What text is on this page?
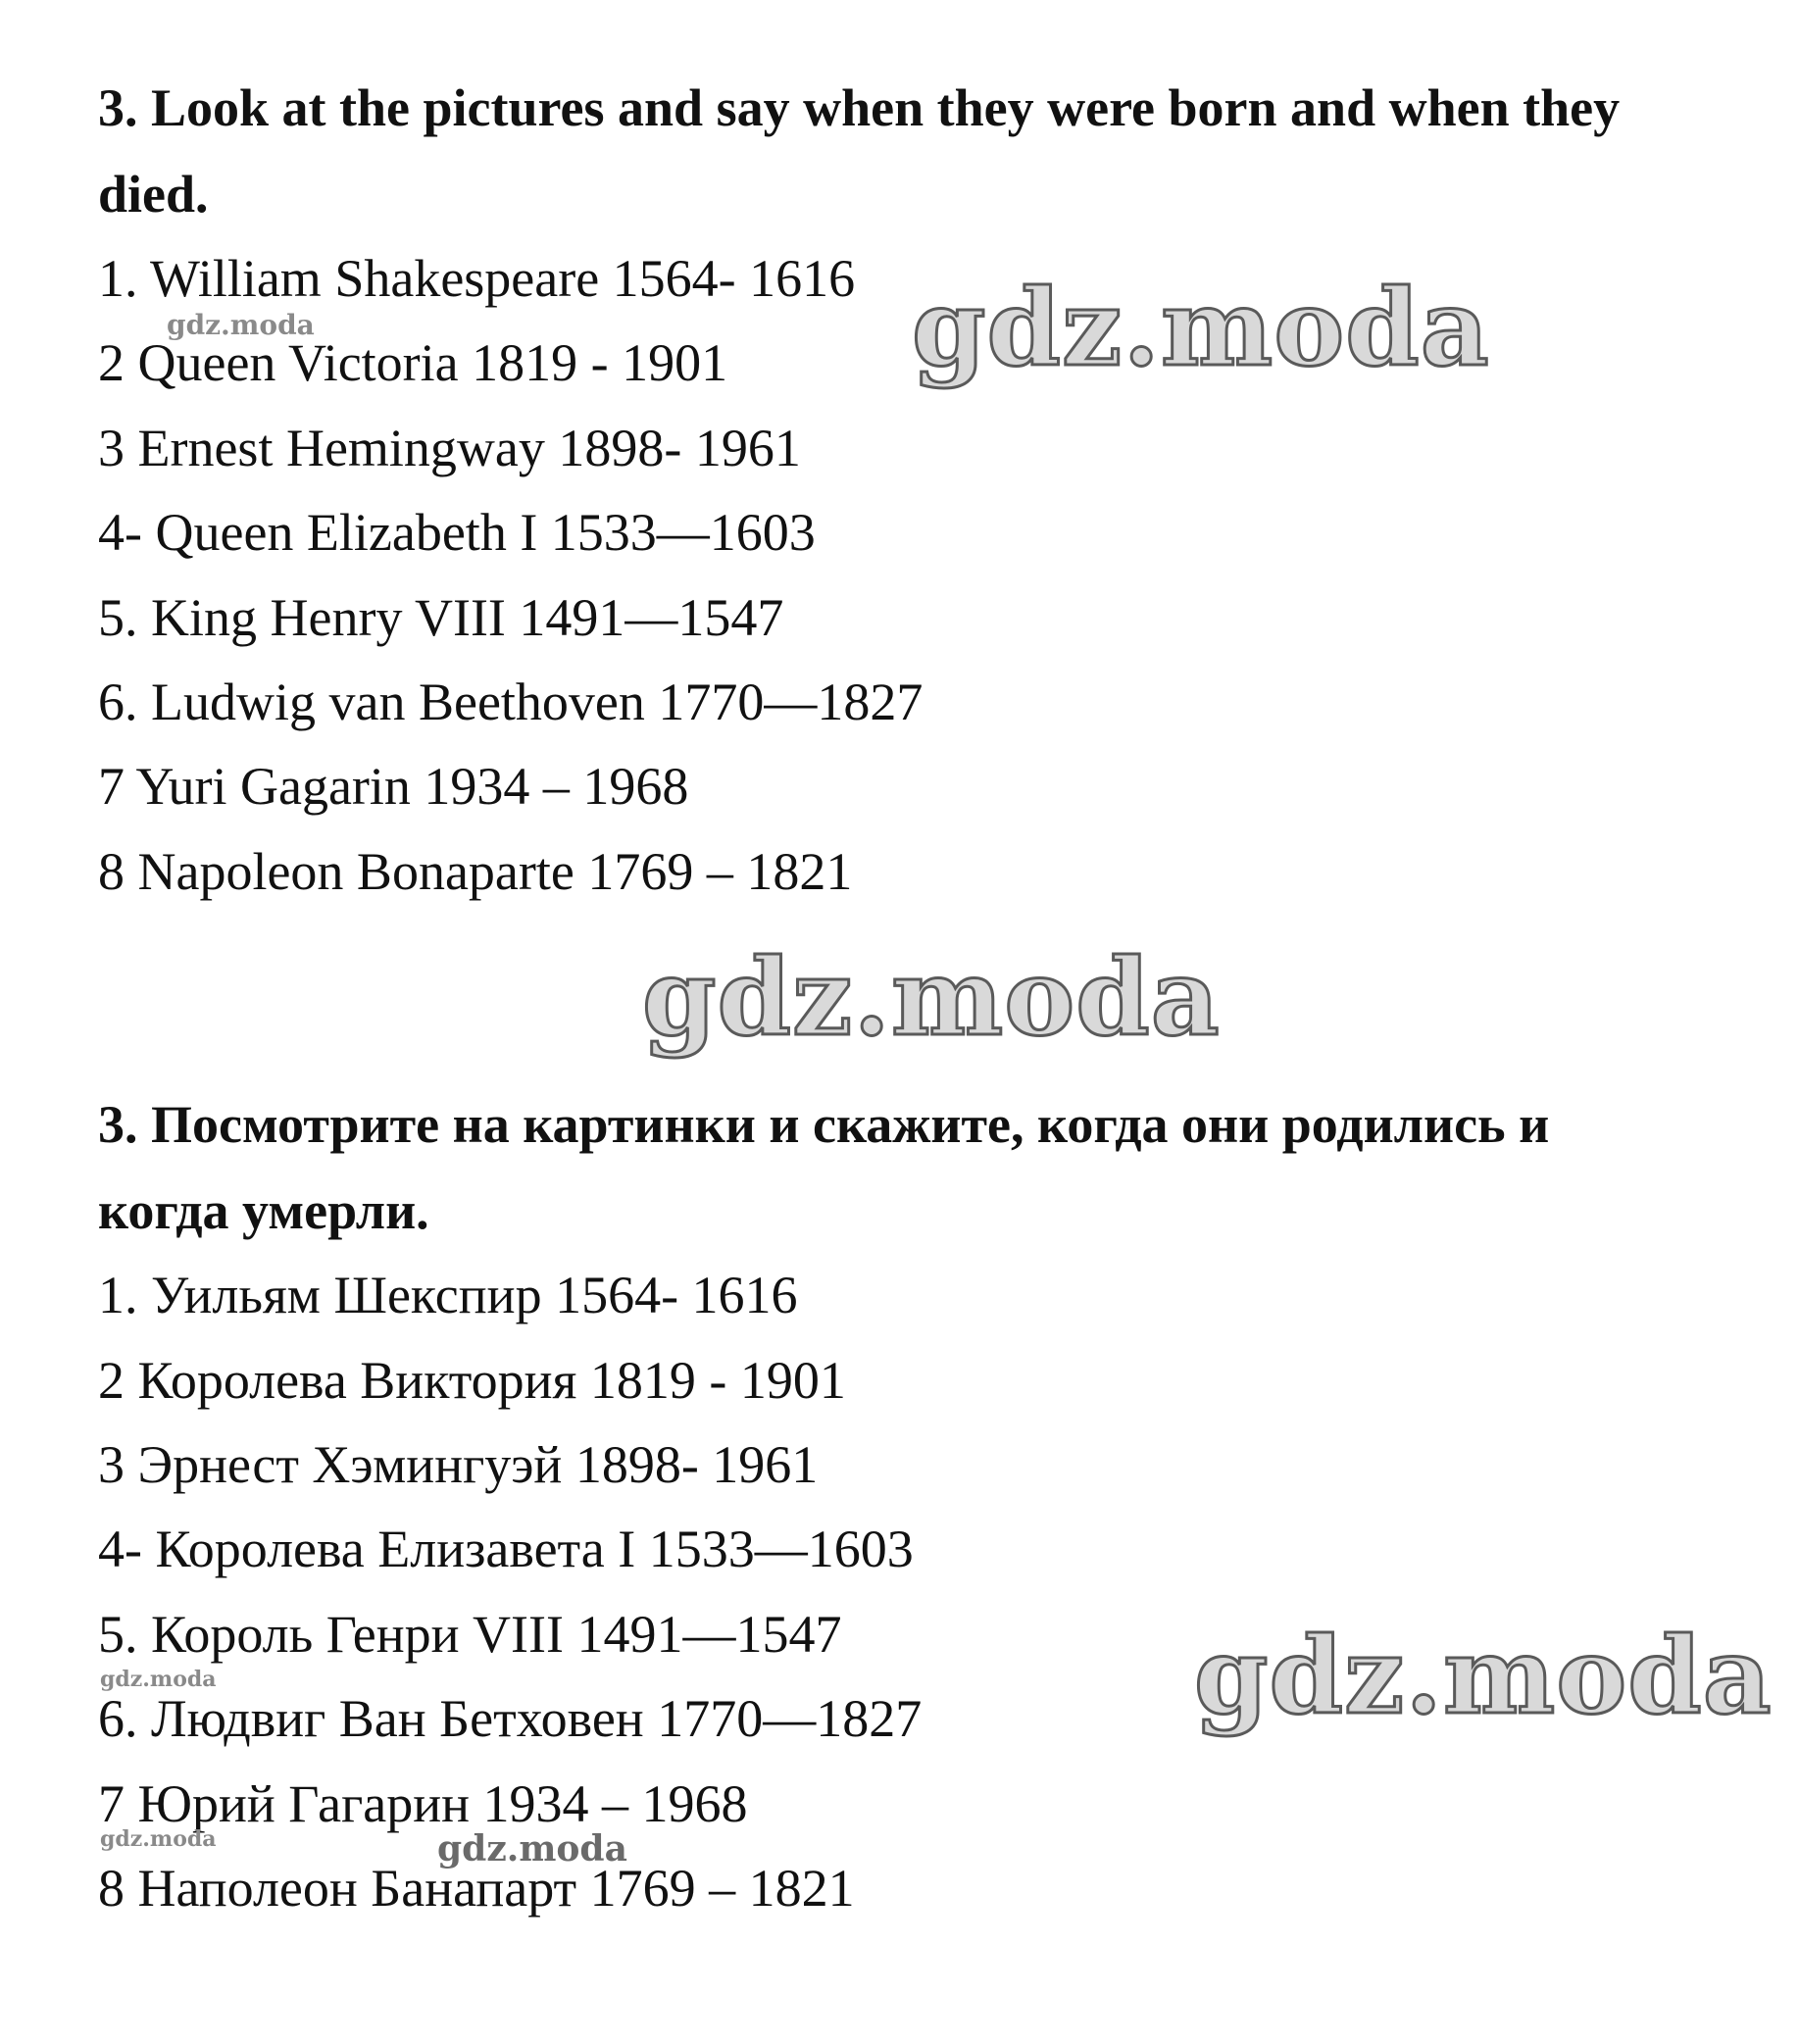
3. Look at the pictures and say when they were born and when they
died.
1. William Shakespeare 1564- 1616
2 Queen Victoria 1819 - 1901
3 Ernest Hemingway 1898- 1961
4- Queen Elizabeth I 1533—1603
5. King Henry VIII 1491—1547
6. Ludwig van Beethoven 1770—1827
7 Yuri Gagarin 1934 – 1968
8 Napoleon Bonaparte 1769 – 1821
3. Посмотрите на картинки и скажите, когда они родились и
когда умерли.
1. Уильям Шекспир 1564- 1616
2 Королева Виктория 1819 - 1901
3 Эрнест Хэмингуэй 1898- 1961
4- Королева Елизавета I 1533—1603
5. Король Генри VIII 1491—1547
6. Людвиг Ван Бетховен 1770—1827
7 Юрий Гагарин 1934 – 1968
8 Наполеон Банапарт 1769 – 1821
gdz.moda
gdz.moda
gdz.moda
gdz.moda
gdz.moda
gdz.moda	gdz.moda
